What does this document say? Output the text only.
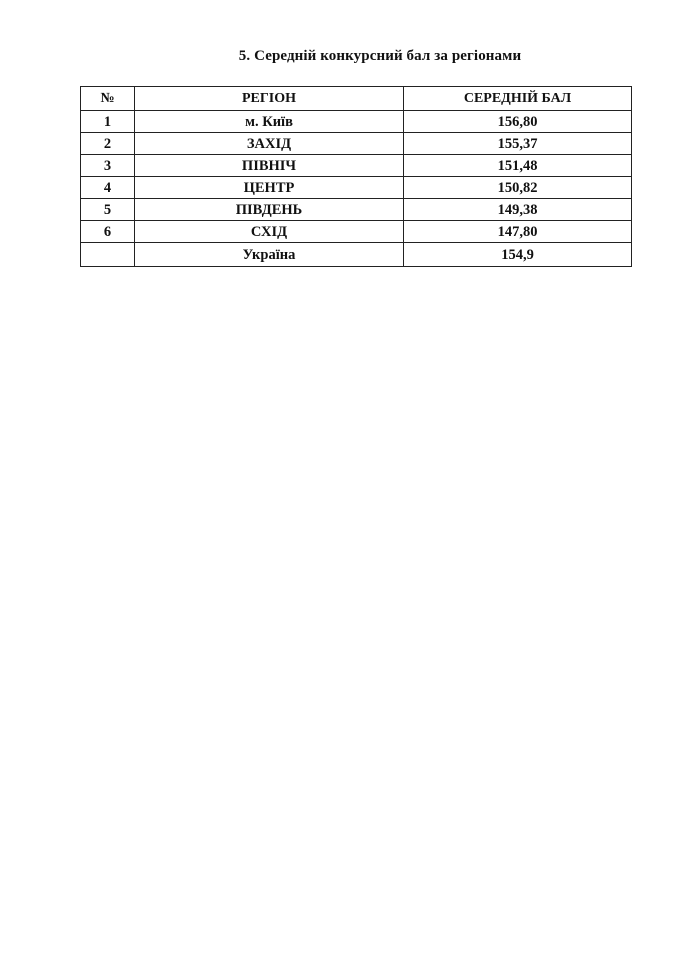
5. Середній конкурсний бал за регіонами
№	РЕГІОН	СЕРЕДНІЙ БАЛ
1	м. Київ	156,80
2	ЗАХІД	155,37
3	ПІВНІЧ	151,48
4	ЦЕНТР	150,82
5	ПІВДЕНЬ	149,38
6	СХІД	147,80
	Україна	154,9
